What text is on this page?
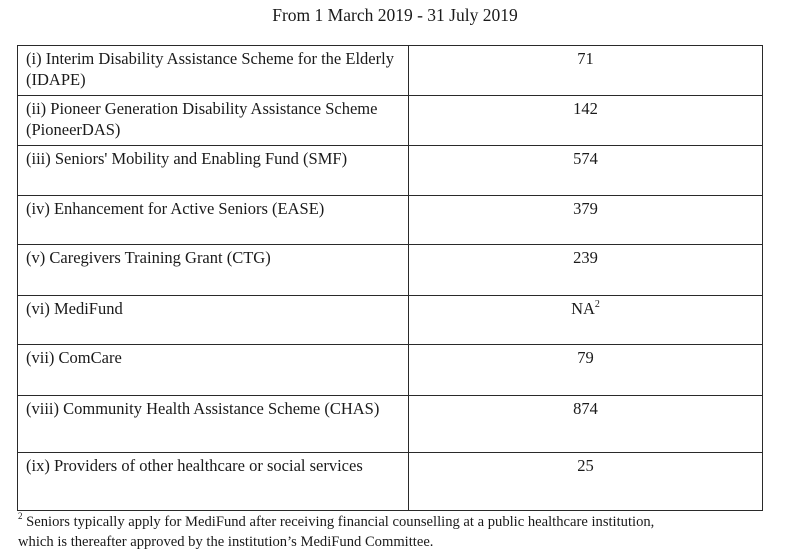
From 1 March 2019 - 31 July 2019
(i) Interim Disability Assistance Scheme for the Elderly (IDAPE)	71
(ii) Pioneer Generation Disability Assistance Scheme (PioneerDAS)	142
(iii) Seniors' Mobility and Enabling Fund (SMF)	574
(iv) Enhancement for Active Seniors (EASE)	379
(v) Caregivers Training Grant (CTG)	239
(vi) MediFund	$NA^2$
(vii) ComCare	79
(viii) Community Health Assistance Scheme (CHAS)	874
(ix) Providers of other healthcare or social services	25
$^2$ Seniors typically apply for MediFund after receiving financial counselling at a public healthcare institution,
which is thereafter approved by the institution’s MediFund Committee.
